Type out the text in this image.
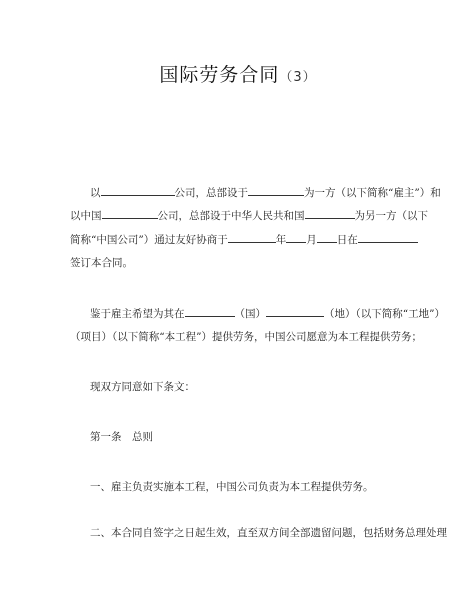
国际劳务合同（3）
以	公司，总部设于	为一方（以下简称“雇主”）和
以中国	公司，总部设于中华人民共和国	为另一方（以下
简称“中国公司”）通过友好协商于	年 月 日在
签订本合同。
鉴于雇主希望为其在	（国）	（地）（以下简称“工地”）
（项目）（以下简称“本工程”）提供劳务，中国公司愿意为本工程提供劳务；
现双方同意如下条文：
第一条　总则
一、雇主负责实施本工程，中国公司负责为本工程提供劳务。
二、本合同自签字之日起生效，直至双方间全部遗留问题，包括财务总理处理
